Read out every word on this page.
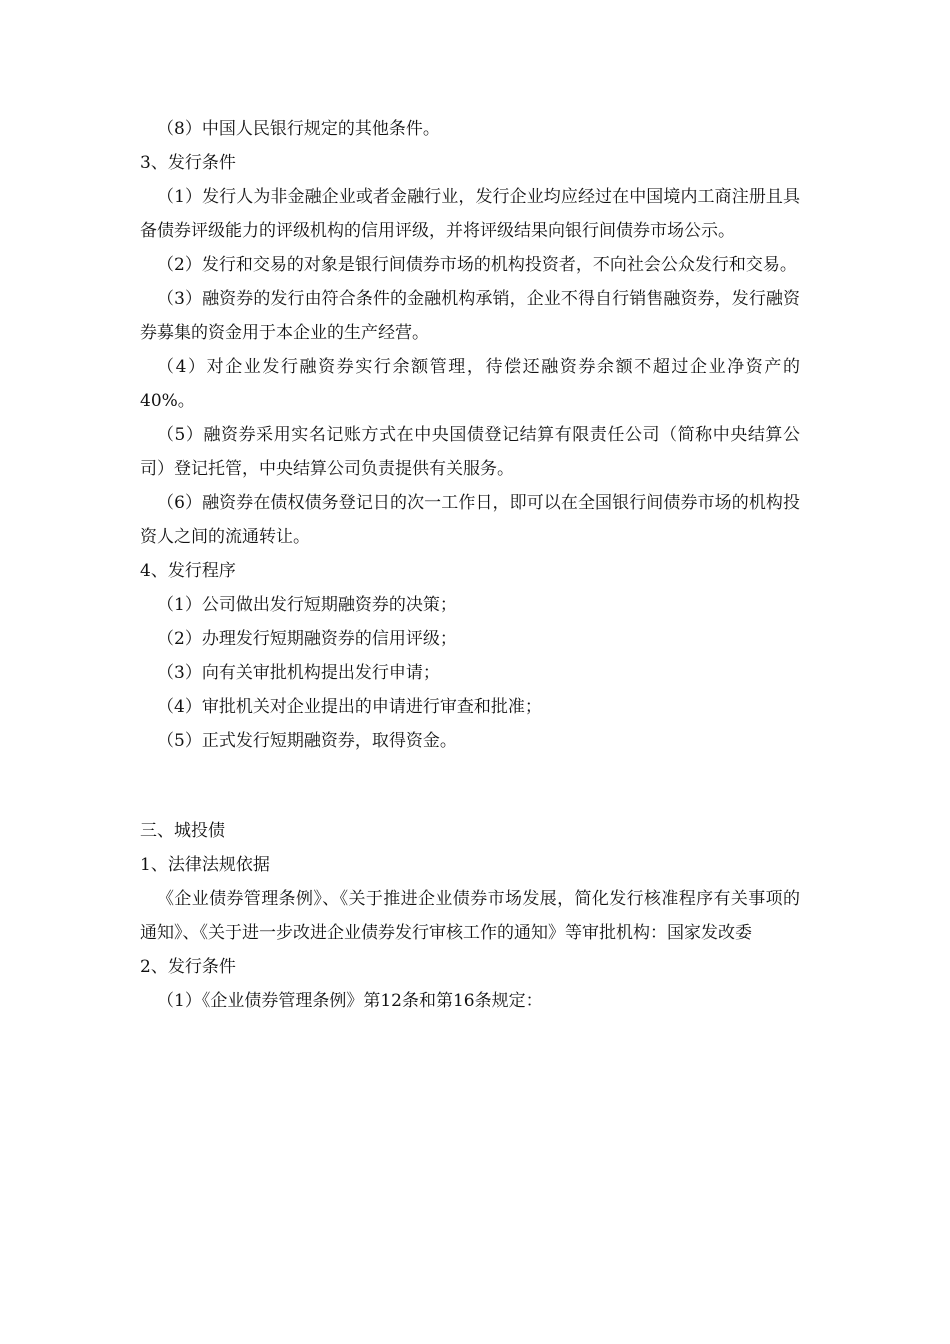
（8）中国人民银行规定的其他条件。

3、发行条件

（1）发行人为非金融企业或者金融行业，发行企业均应经过在中国境内工商注册且具备债券评级能力的评级机构的信用评级，并将评级结果向银行间债券市场公示。

（2）发行和交易的对象是银行间债券市场的机构投资者，不向社会公众发行和交易。

（3）融资券的发行由符合条件的金融机构承销，企业不得自行销售融资券，发行融资券募集的资金用于本企业的生产经营。

（4）对企业发行融资券实行余额管理，待偿还融资券余额不超过企业净资产的40%。

（5）融资券采用实名记账方式在中央国债登记结算有限责任公司（简称中央结算公司）登记托管，中央结算公司负责提供有关服务。

（6）融资券在债权债务登记日的次一工作日，即可以在全国银行间债券市场的机构投资人之间的流通转让。

4、发行程序

（1）公司做出发行短期融资券的决策；

（2）办理发行短期融资券的信用评级；

（3）向有关审批机构提出发行申请；

（4）审批机关对企业提出的申请进行审查和批准；

（5）正式发行短期融资券，取得资金。

三、城投债

1、法律法规依据

《企业债券管理条例》、《关于推进企业债券市场发展，简化发行核准程序有关事项的通知》、《关于进一步改进企业债券发行审核工作的通知》等审批机构：国家发改委

2、发行条件

（1）《企业债券管理条例》第12条和第16条规定：
